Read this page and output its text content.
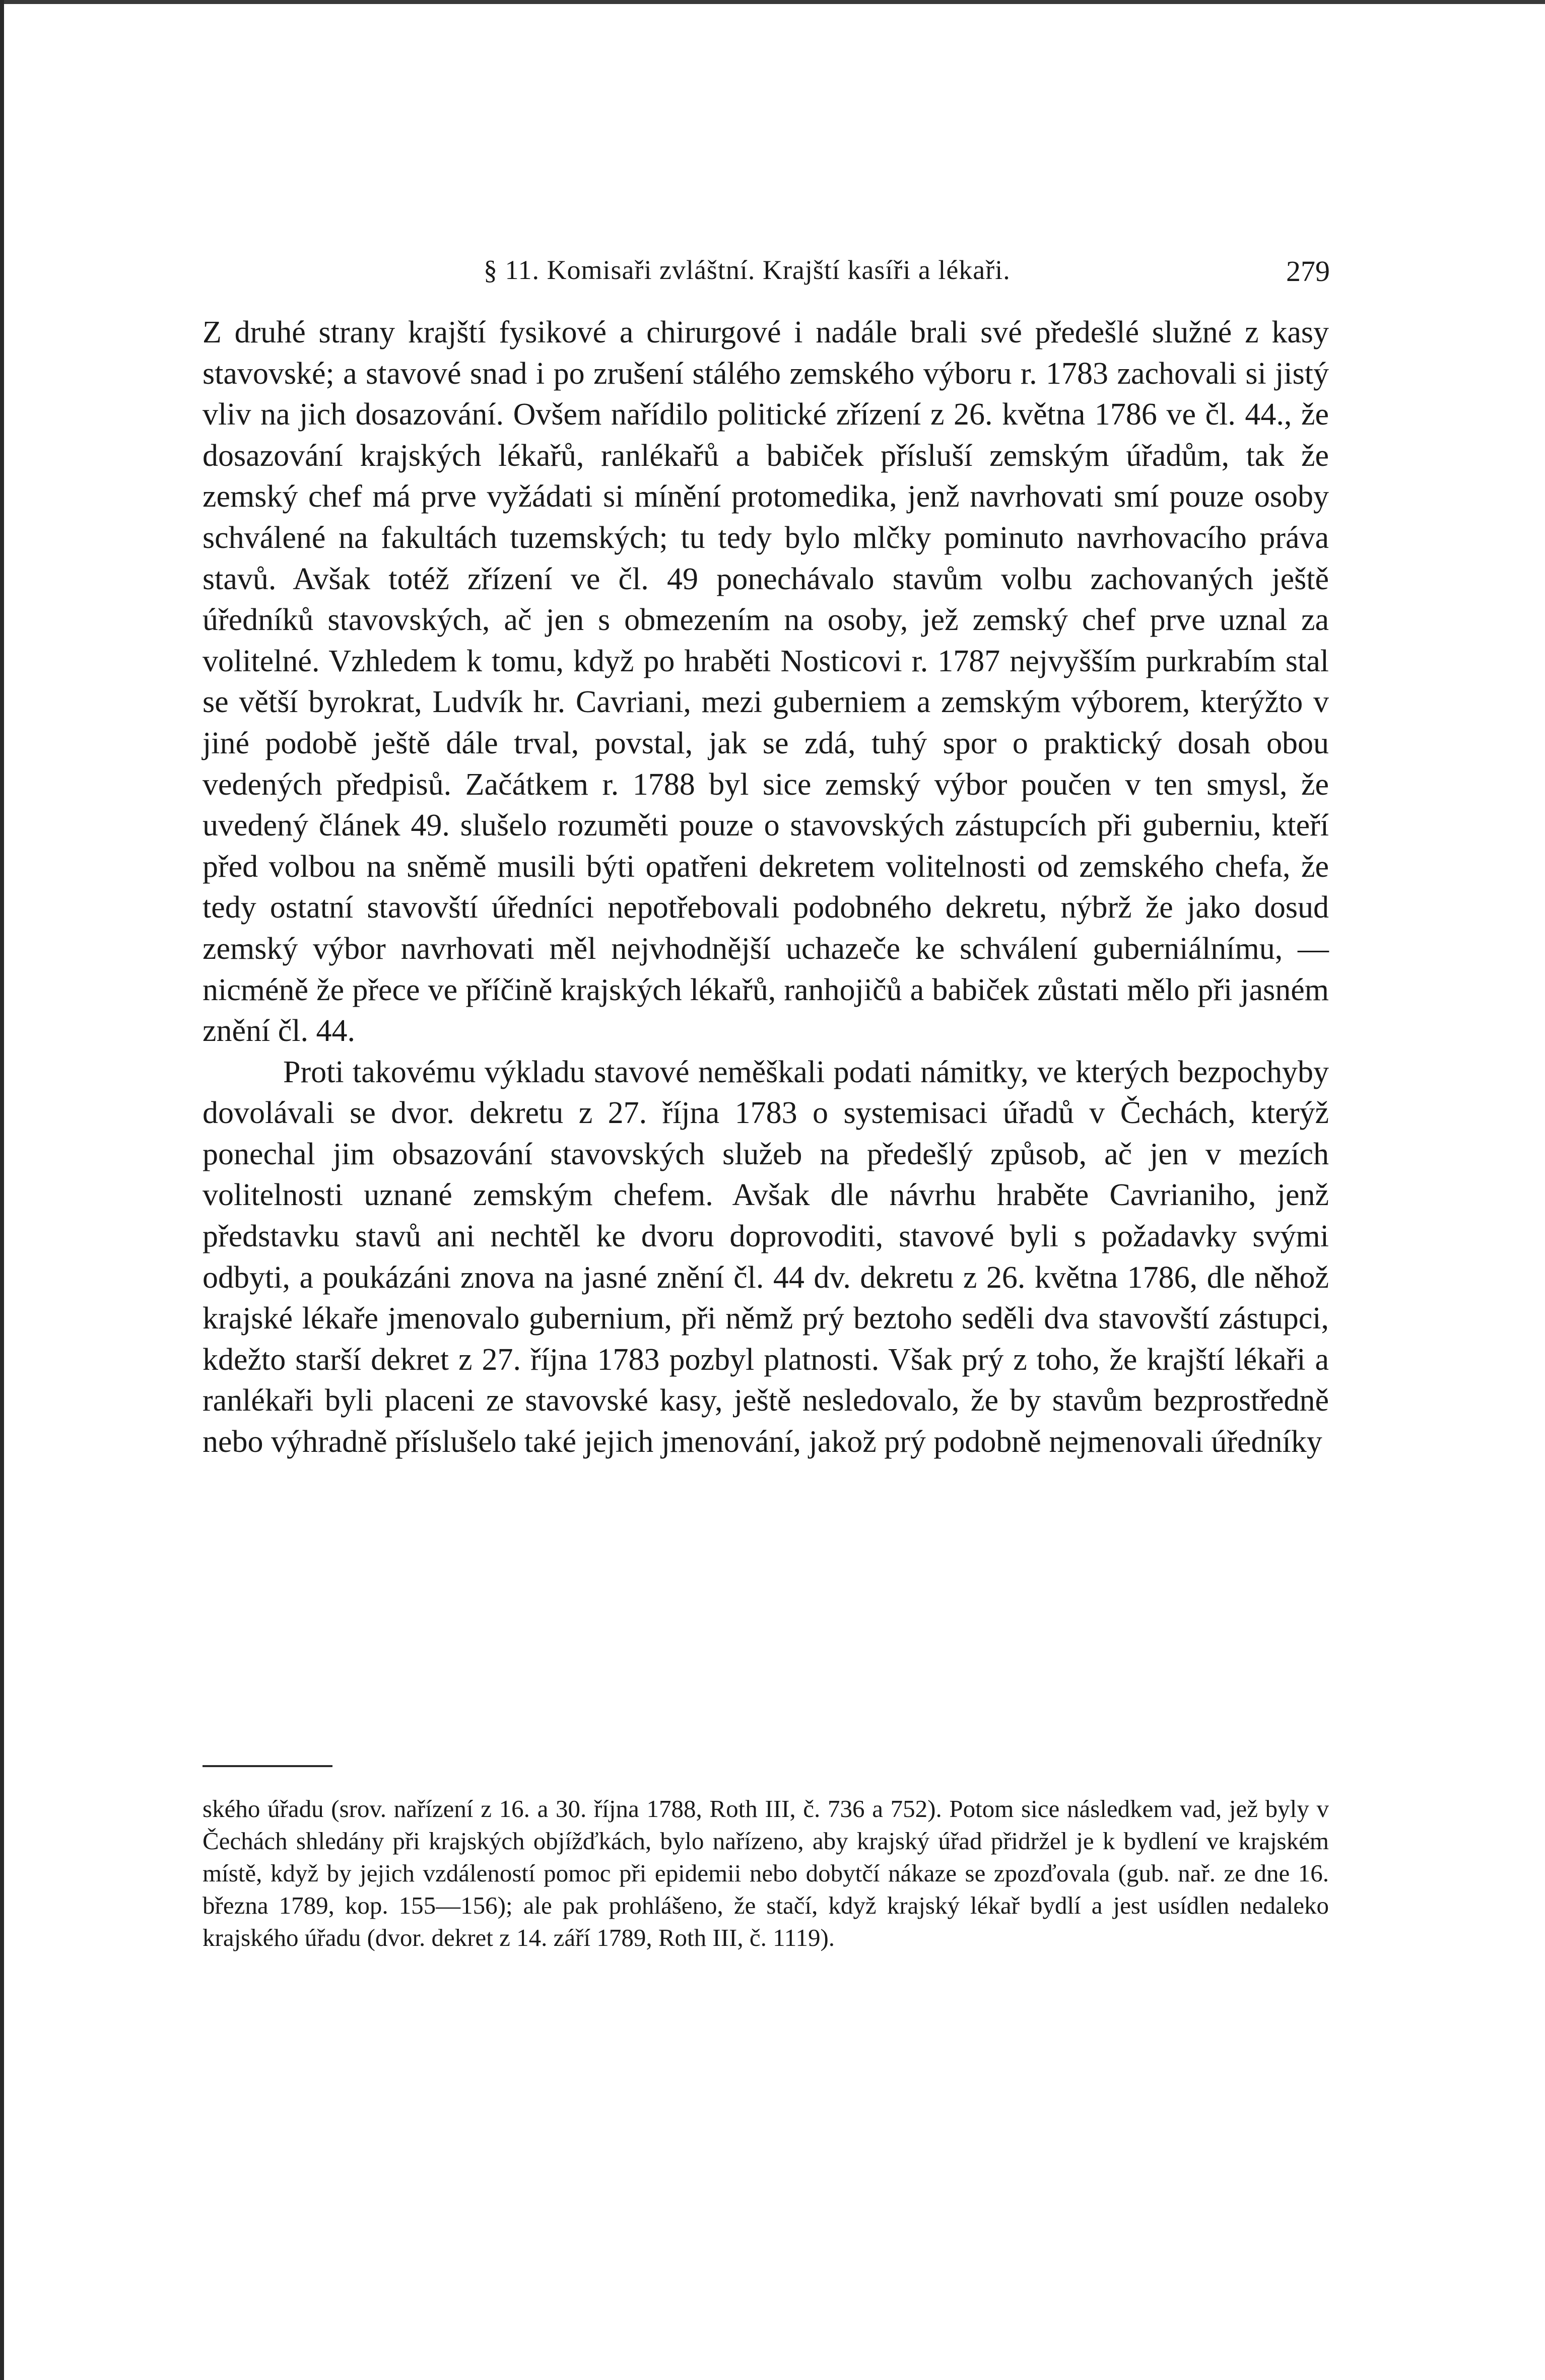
§ 11. Komisaři zvláštní. Krajští kasíři a lékaři.	279

Z druhé strany krajští fysikové a chirurgové i nadále brali své předešlé služné z kasy stavovské; a stavové snad i po zrušení stálého zemského výboru r. 1783 zachovali si jistý vliv na jich dosazování. Ovšem nařídilo politické zřízení z 26. května 1786 ve čl. 44., že dosazování krajských lékařů, ranlékařů a babiček přísluší zemským úřadům, tak že zemský chef má prve vyžádati si mínění protomedika, jenž navrhovati smí pouze osoby schválené na fakultách tuzemských; tu tedy bylo mlčky pominuto navrhovacího práva stavů. Avšak totéž zřízení ve čl. 49 ponechávalo stavům volbu zachovaných ještě úředníků stavovských, ač jen s obmezením na osoby, jež zemský chef prve uznal za volitelné. Vzhledem k tomu, když po hraběti Nosticovi r. 1787 nejvyšším purkrabím stal se větší byrokrat, Ludvík hr. Cavriani, mezi guberniem a zemským výborem, kterýžto v jiné podobě ještě dále trval, povstal, jak se zdá, tuhý spor o praktický dosah obou vedených předpisů. Začátkem r. 1788 byl sice zemský výbor poučen v ten smysl, že uvedený článek 49. slušelo rozuměti pouze o stavovských zástupcích při guberniu, kteří před volbou na sněmě musili býti opatřeni dekretem volitelnosti od zemského chefa, že tedy ostatní stavovští úředníci nepotřebovali podobného dekretu, nýbrž že jako dosud zemský výbor navrhovati měl nejvhodnější uchazeče ke schválení guberniálnímu, — nicméně že přece ve příčině krajských lékařů, ranhojičů a babiček zůstati mělo při jasném znění čl. 44.

Proti takovému výkladu stavové neměškali podati námitky, ve kterých bezpochyby dovolávali se dvor. dekretu z 27. října 1783 o systemisaci úřadů v Čechách, kterýž ponechal jim obsazování stavovských služeb na předešlý způsob, ač jen v mezích volitelnosti uznané zemským chefem. Avšak dle návrhu hraběte Cavrianiho, jenž představku stavů ani nechtěl ke dvoru doprovoditi, stavové byli s požadavky svými odbyti, a poukázáni znova na jasné znění čl. 44 dv. dekretu z 26. května 1786, dle něhož krajské lékaře jmenovalo gubernium, při němž prý beztoho seděli dva stavovští zástupci, kdežto starší dekret z 27. října 1783 pozbyl platnosti. Však prý z toho, že krajští lékaři a ranlékaři byli placeni ze stavovské kasy, ještě nesledovalo, že by stavům bezprostředně nebo výhradně příslušelo také jejich jmenování, jakož prý podobně nejmenovali úředníky

ského úřadu (srov. nařízení z 16. a 30. října 1788, Roth III, č. 736 a 752). Potom sice následkem vad, jež byly v Čechách shledány při krajských objížďkách, bylo nařízeno, aby krajský úřad přidržel je k bydlení ve krajském místě, když by jejich vzdáleností pomoc při epidemii nebo dobytčí nákaze se zpozďovala (gub. nař. ze dne 16. března 1789, kop. 155—156); ale pak prohlášeno, že stačí, když krajský lékař bydlí a jest usídlen nedaleko krajského úřadu (dvor. dekret z 14. září 1789, Roth III, č. 1119).
